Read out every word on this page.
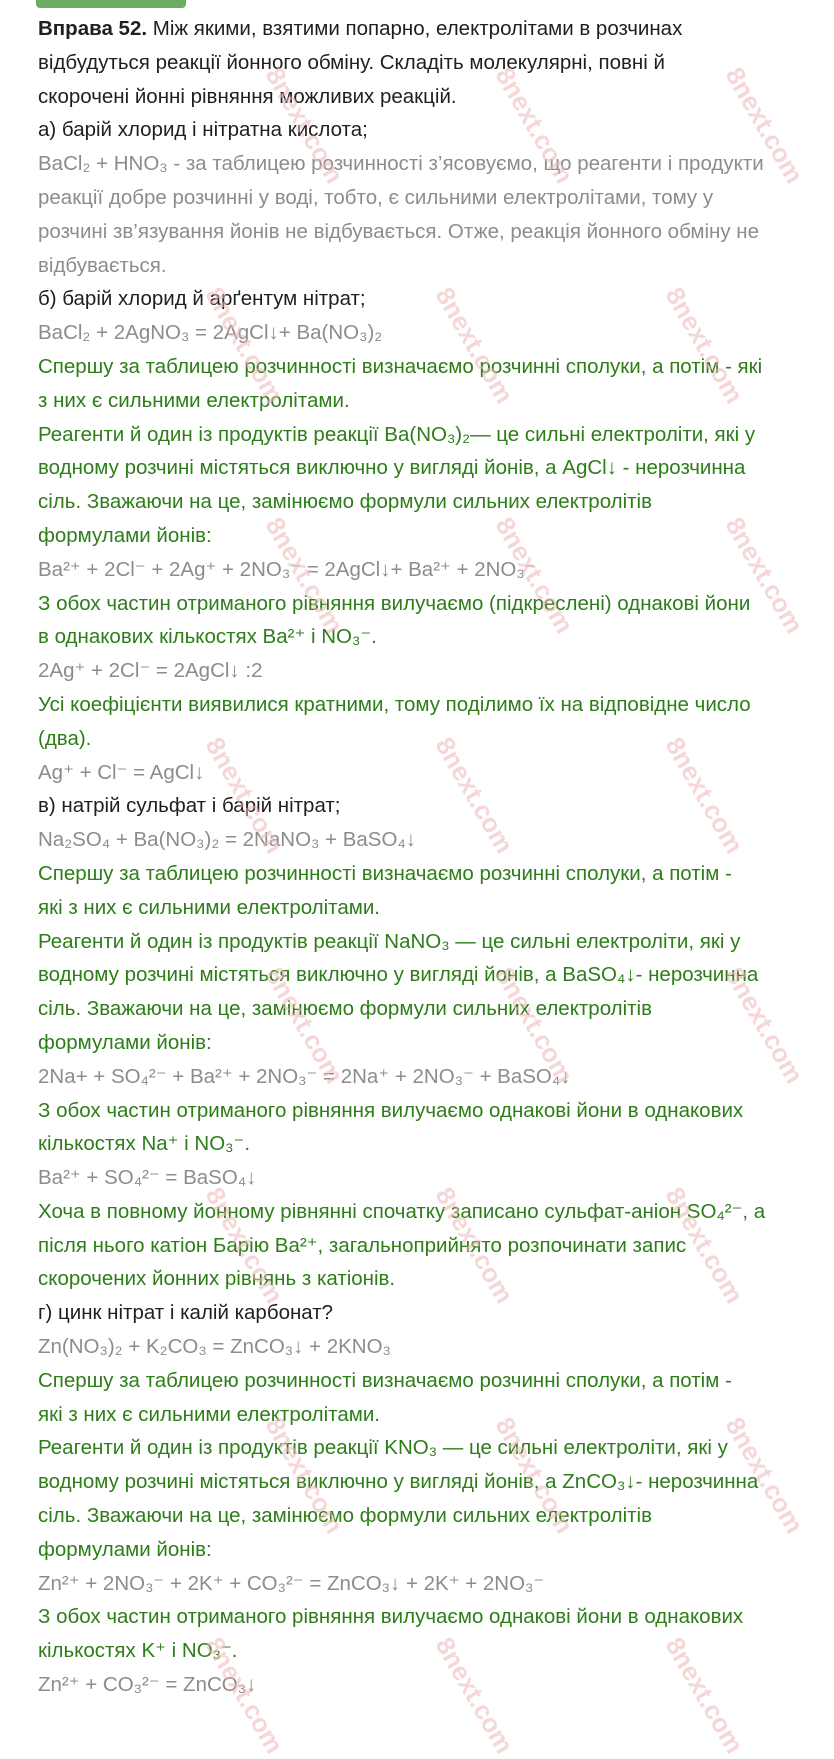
Вправа 52. Між якими, взятими попарно, електролітами в розчинах
відбудуться реакції йонного обміну. Складіть молекулярні, повні й
скорочені йонні рівняння можливих реакцій.
а) барій хлорид і нітратна кислота;
BaCl₂ + HNO₃ - за таблицею розчинності з’ясовуємо, що реагенти і продукти
реакції добре розчинні у воді, тобто, є сильними електролітами, тому у
розчині зв’язування йонів не відбувається. Отже, реакція йонного обміну не
відбувається.
б) барій хлорид й арґентум нітрат;
BaCl₂ + 2AgNO₃ = 2AgCl↓+ Ba(NO₃)₂
Спершу за таблицею розчинності визначаємо розчинні сполуки, а потім - які
з них є сильними електролітами.
Реагенти й один із продуктів реакції Ba(NO₃)₂— це сильні електроліти, які у
водному розчині містяться виключно у вигляді йонів, а AgCl↓ - нерозчинна
сіль. Зважаючи на це, замінюємо формули сильних електролітів
формулами йонів:
Ba²⁺ + 2Cl⁻ + 2Ag⁺ + 2NO₃⁻ = 2AgCl↓+ Ba²⁺ + 2NO₃⁻
З обох частин отриманого рівняння вилучаємо (підкреслені) однакові йони
в однакових кількостях Ba²⁺ і NO₃⁻.
2Ag⁺ + 2Cl⁻ = 2AgCl↓ :2
Усі коефіцієнти виявилися кратними, тому поділимо їх на відповідне число
(два).
Ag⁺ + Cl⁻ = AgCl↓
в) натрій сульфат і барій нітрат;
Na₂SO₄ + Ba(NO₃)₂ = 2NaNO₃ + BaSO₄↓
Спершу за таблицею розчинності визначаємо розчинні сполуки, а потім -
які з них є сильними електролітами.
Реагенти й один із продуктів реакції NaNO₃ — це сильні електроліти, які у
водному розчині містяться виключно у вигляді йонів, а BaSO₄↓- нерозчинна
сіль. Зважаючи на це, замінюємо формули сильних електролітів
формулами йонів:
2Na+ + SO₄²⁻ + Ba²⁺ + 2NO₃⁻ = 2Na⁺ + 2NO₃⁻ + BaSO₄↓
З обох частин отриманого рівняння вилучаємо однакові йони в однакових
кількостях Na⁺ і NO₃⁻.
Ba²⁺ + SO₄²⁻ = BaSO₄↓
Хоча в повному йонному рівнянні спочатку записано сульфат-аніон SO₄²⁻, а
після нього катіон Барію Ba²⁺, загальноприйнято розпочинати запис
скорочених йонних рівнянь з катіонів.
г) цинк нітрат і калій карбонат?
Zn(NO₃)₂ + K₂CO₃ = ZnCO₃↓ + 2KNO₃
Спершу за таблицею розчинності визначаємо розчинні сполуки, а потім -
які з них є сильними електролітами.
Реагенти й один із продуктів реакції KNO₃ — це сильні електроліти, які у
водному розчині містяться виключно у вигляді йонів, а ZnCO₃↓- нерозчинна
сіль. Зважаючи на це, замінюємо формули сильних електролітів
формулами йонів:
Zn²⁺ + 2NO₃⁻ + 2K⁺ + CO₃²⁻ = ZnCO₃↓ + 2K⁺ + 2NO₃⁻
З обох частин отриманого рівняння вилучаємо однакові йони в однакових
кількостях K⁺ і NO₃⁻.
Zn²⁺ + CO₃²⁻ = ZnCO₃↓
8next.com	8next.com	8next.com
8next.com	8next.com	8next.com
8next.com	8next.com	8next.com
8next.com	8next.com	8next.com
8next.com	8next.com	8next.com
8next.com	8next.com	8next.com
8next.com	8next.com	8next.com
8next.com	8next.com	8next.com
